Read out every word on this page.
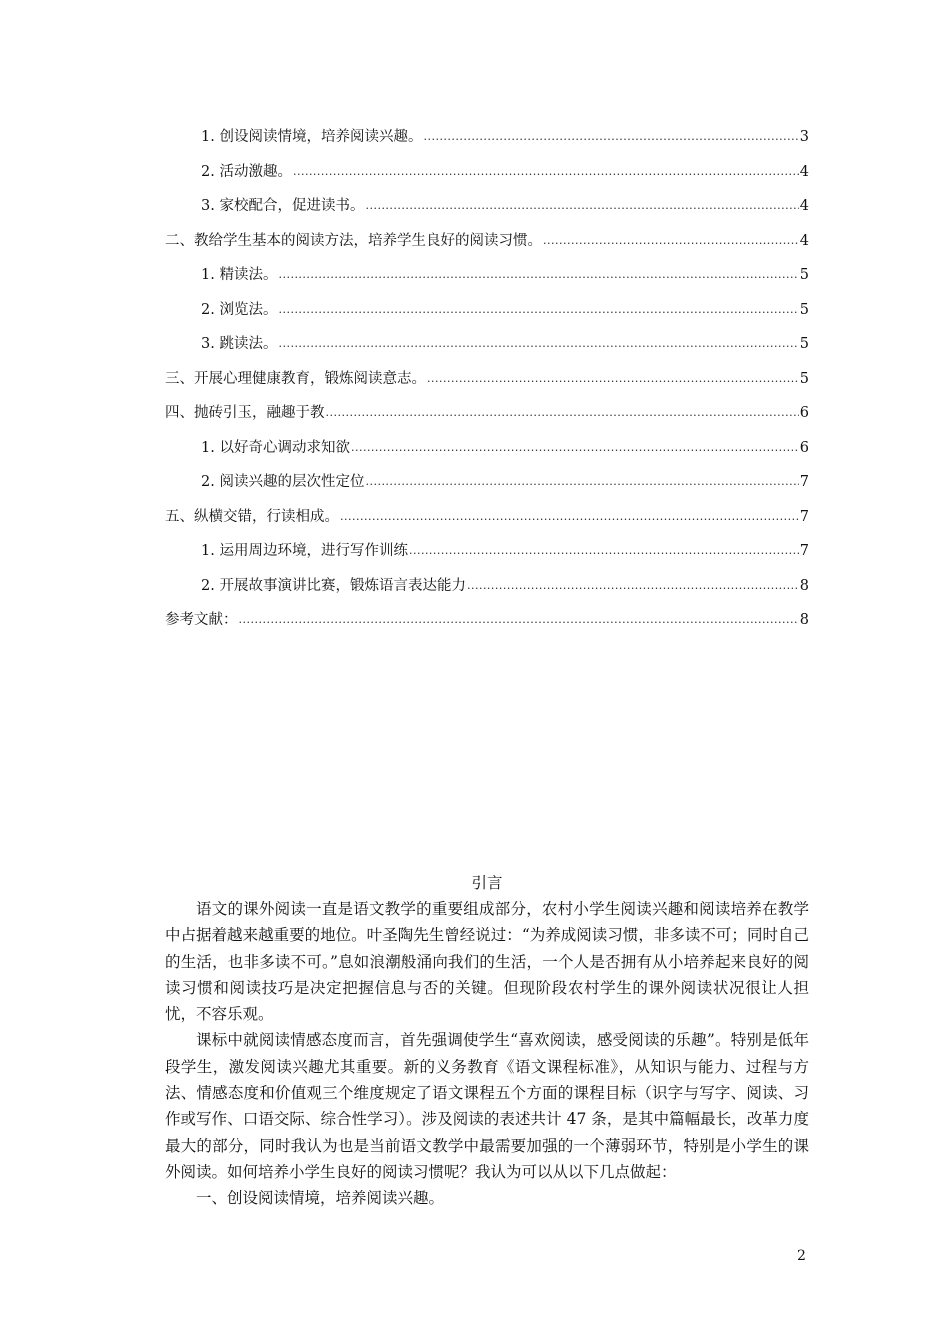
1. 创设阅读情境，培养阅读兴趣。 .....	3
2. 活动激趣。 .....	4
3. 家校配合，促进读书。 .....	4
二、教给学生基本的阅读方法，培养学生良好的阅读习惯。 .....	4
1. 精读法。 .....	5
2. 浏览法。 .....	5
3. 跳读法。 .....	5
三、开展心理健康教育，锻炼阅读意志。 .....	5
四、抛砖引玉，融趣于教 .....	6
1. 以好奇心调动求知欲 .....	6
2. 阅读兴趣的层次性定位 .....	7
五、纵横交错，行读相成。 .....	7
1. 运用周边环境，进行写作训练 .....	7
2. 开展故事演讲比赛，锻炼语言表达能力 .....	8
参考文献： .....	8
引言

语文的课外阅读一直是语文教学的重要组成部分，农村小学生阅读兴趣和阅读培养在教学中占据着越来越重要的地位。叶圣陶先生曾经说过：“为养成阅读习惯，非多读不可；同时自己的生活，也非多读不可。”息如浪潮般涌向我们的生活，一个人是否拥有从小培养起来良好的阅读习惯和阅读技巧是决定把握信息与否的关键。但现阶段农村学生的课外阅读状况很让人担忧，不容乐观。

课标中就阅读情感态度而言，首先强调使学生“喜欢阅读，感受阅读的乐趣”。特别是低年段学生，激发阅读兴趣尤其重要。新的义务教育《语文课程标准》，从知识与能力、过程与方法、情感态度和价值观三个维度规定了语文课程五个方面的课程目标（识字与写字、阅读、习作或写作、口语交际、综合性学习）。涉及阅读的表述共计 47 条，是其中篇幅最长，改革力度最大的部分，同时我认为也是当前语文教学中最需要加强的一个薄弱环节，特别是小学生的课外阅读。如何培养小学生良好的阅读习惯呢？我认为可以从以下几点做起：

一、创设阅读情境，培养阅读兴趣。

2
